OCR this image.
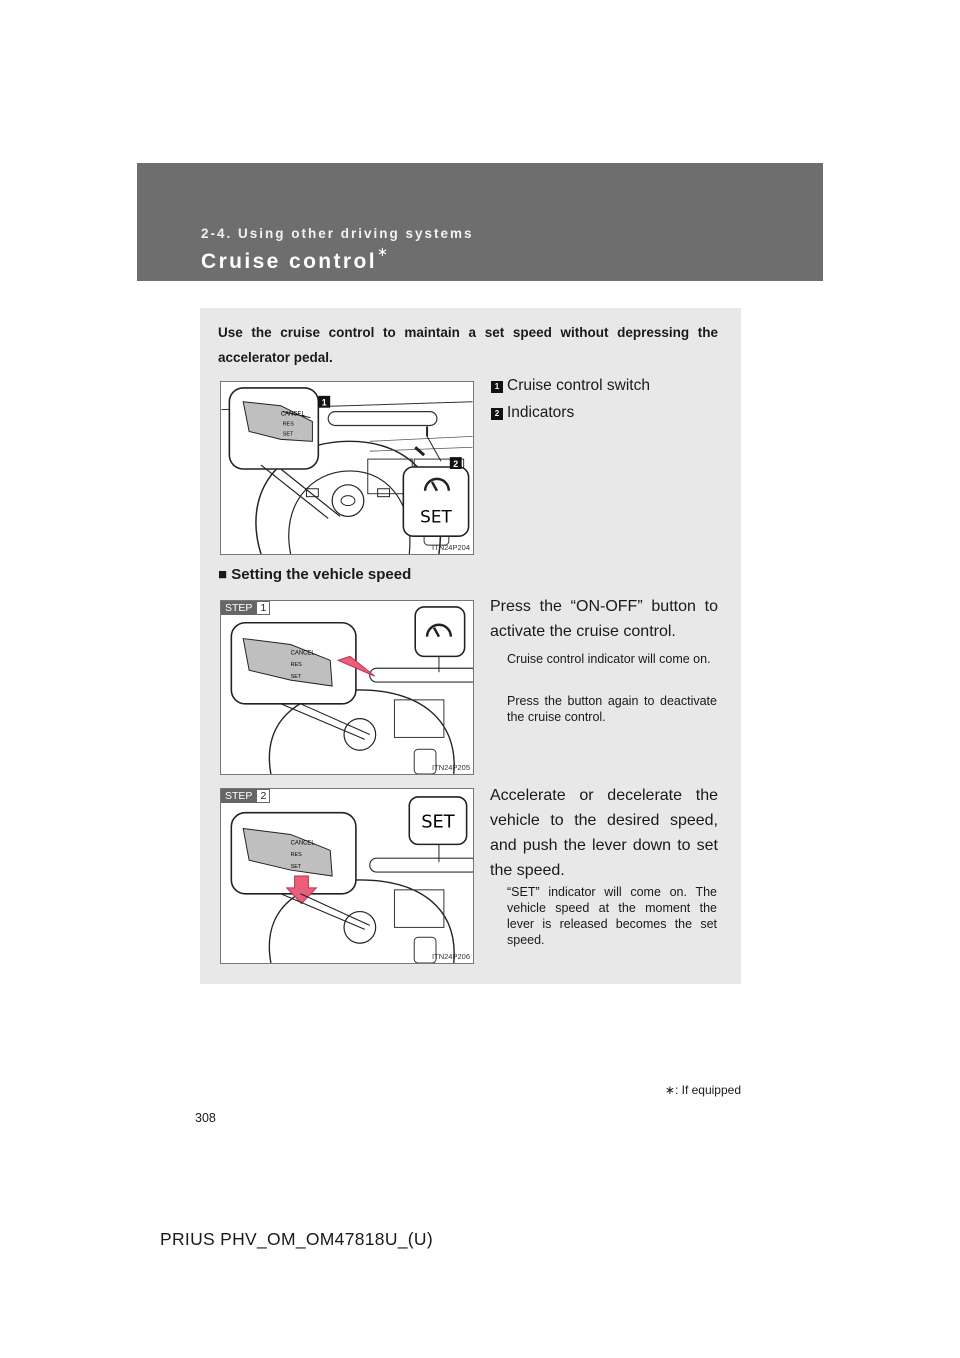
2-4. Using other driving systems
Cruise control∗
Use the cruise control to maintain a set speed without depressing the accelerator pedal.
CANCEL
RES
SET
1
SET
2
ITN24P204
1 Cruise control switch
2 Indicators
■ Setting the vehicle speed
CANCEL
RES
SET
STEP 1
ITN24P205
Press the “ON-OFF” button to activate the cruise control.
Cruise control indicator will come on.
Press the button again to deactivate the cruise control.
CANCEL
RES
SET
SET
STEP 2
ITN24P206
Accelerate or decelerate the vehicle to the desired speed, and push the lever down to set the speed.
“SET” indicator will come on. The vehicle speed at the moment the lever is released becomes the set speed.
∗: If equipped
308
PRIUS PHV_OM_OM47818U_(U)
